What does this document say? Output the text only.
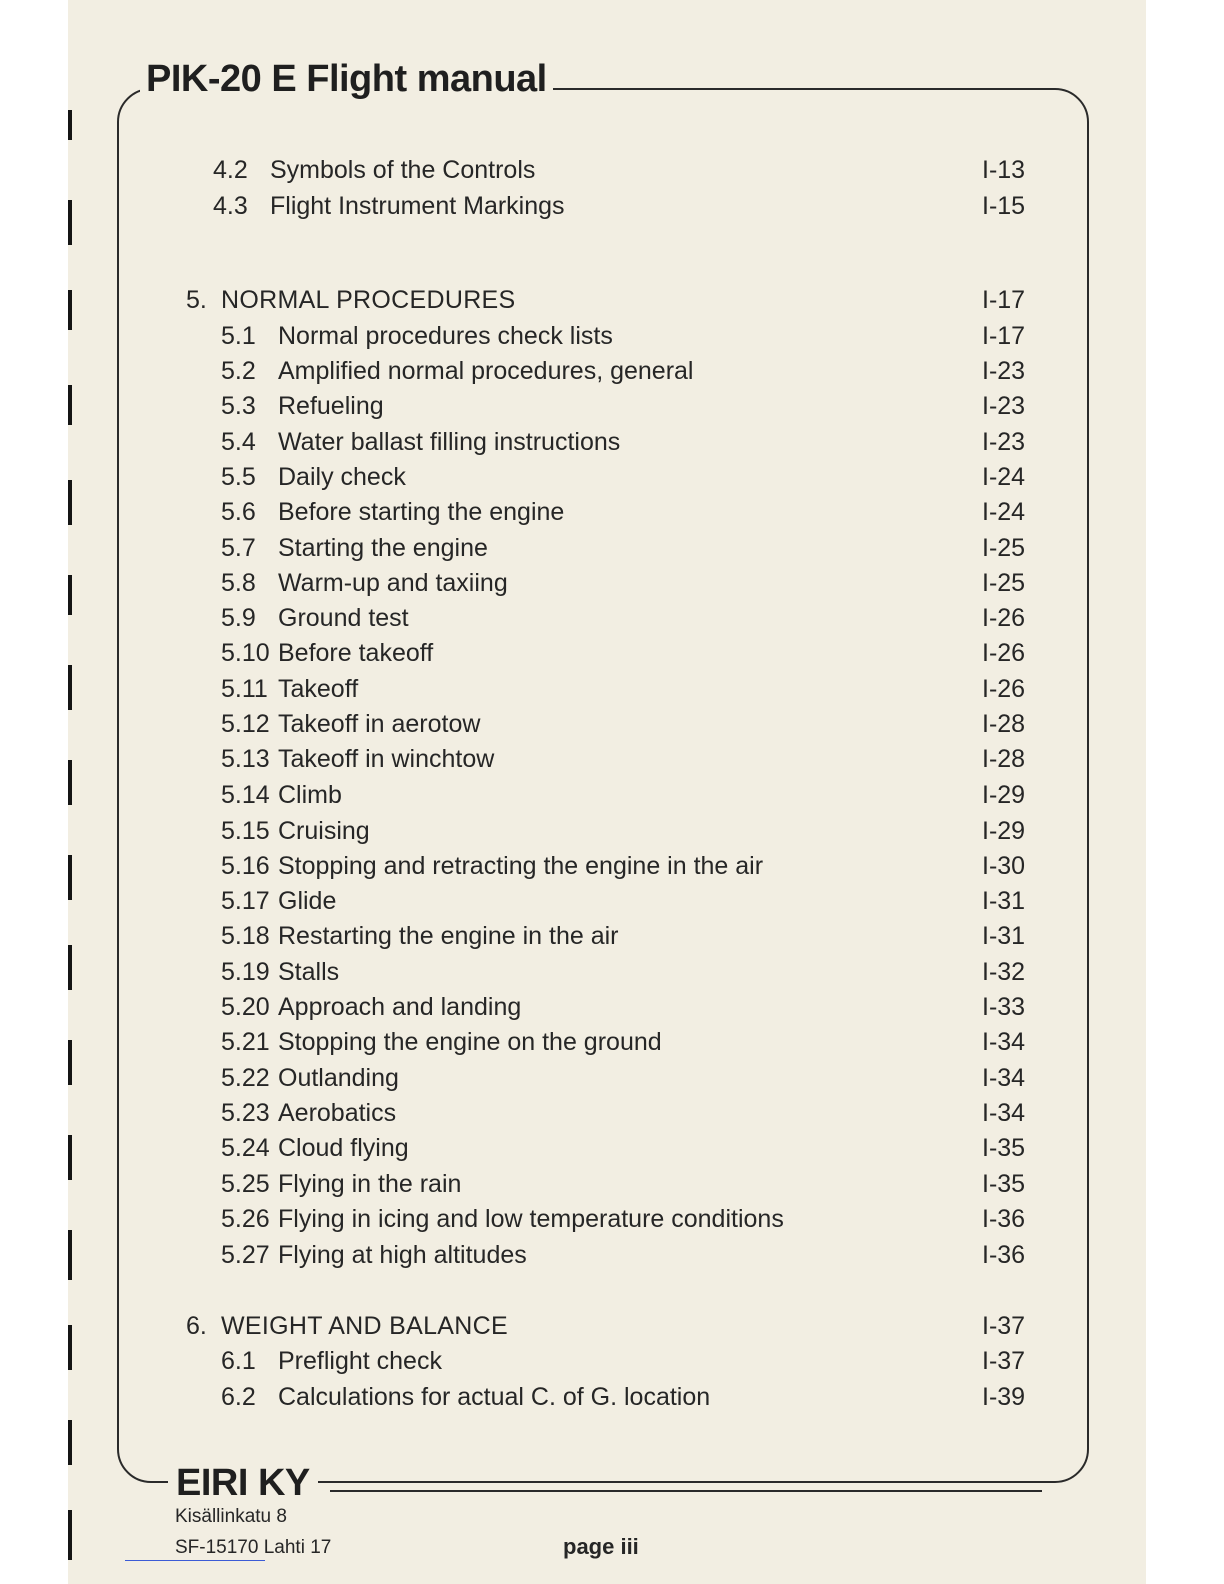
PIK-20 E Flight manual
4.2 Symbols of the Controls	I-13
4.3 Flight Instrument Markings	I-15
5. NORMAL PROCEDURES	I-17
5.1 Normal procedures check lists	I-17
5.2 Amplified normal procedures, general	I-23
5.3 Refueling	I-23
5.4 Water ballast filling instructions	I-23
5.5 Daily check	I-24
5.6 Before starting the engine	I-24
5.7 Starting the engine	I-25
5.8 Warm-up and taxiing	I-25
5.9 Ground test	I-26
5.10 Before takeoff	I-26
5.11 Takeoff	I-26
5.12 Takeoff in aerotow	I-28
5.13 Takeoff in winchtow	I-28
5.14 Climb	I-29
5.15 Cruising	I-29
5.16 Stopping and retracting the engine in the air	I-30
5.17 Glide	I-31
5.18 Restarting the engine in the air	I-31
5.19 Stalls	I-32
5.20 Approach and landing	I-33
5.21 Stopping the engine on the ground	I-34
5.22 Outlanding	I-34
5.23 Aerobatics	I-34
5.24 Cloud flying	I-35
5.25 Flying in the rain	I-35
5.26 Flying in icing and low temperature conditions	I-36
5.27 Flying at high altitudes	I-36
6. WEIGHT AND BALANCE	I-37
6.1 Preflight check	I-37
6.2 Calculations for actual C. of G. location	I-39
EIRI KY
Kisällinkatu 8
SF-15170 Lahti 17	page iii
